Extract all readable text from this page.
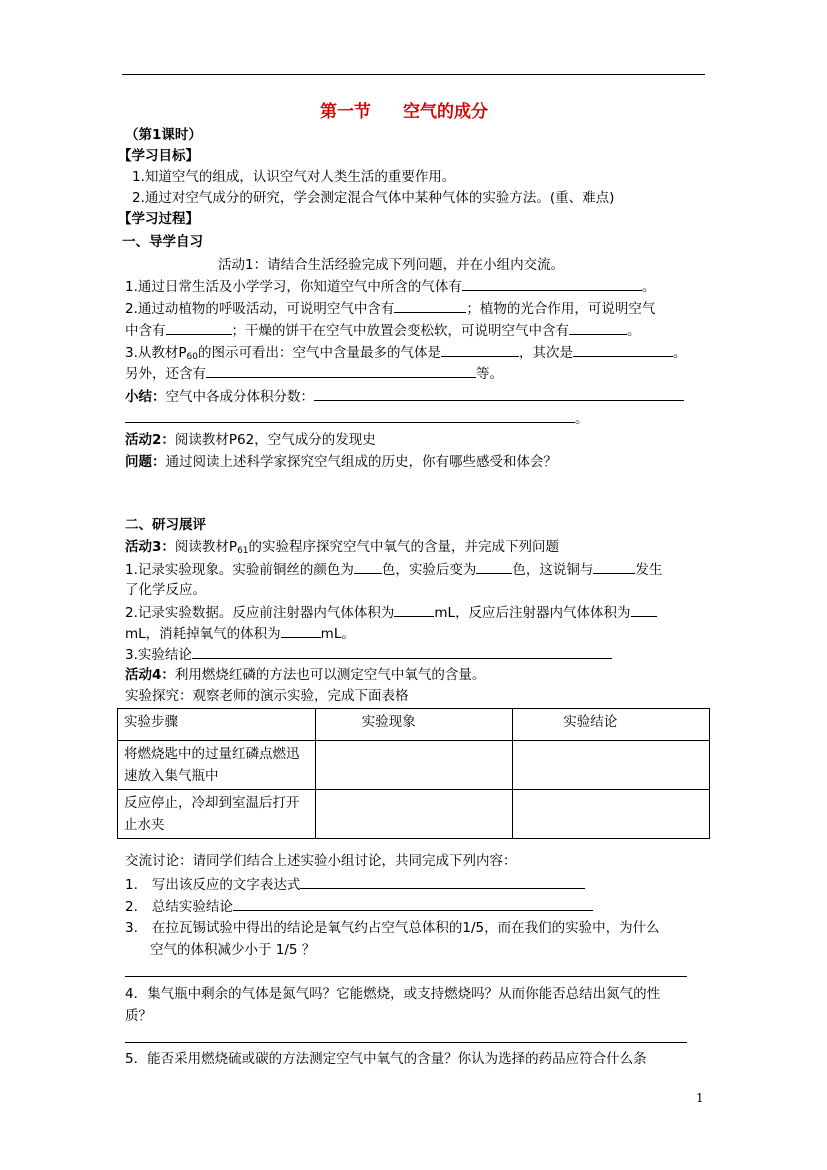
第一节 空气的成分
（第1课时）
【学习目标】
1.知道空气的组成，认识空气对人类生活的重要作用。
2.通过对空气成分的研究，学会测定混合气体中某种气体的实验方法。(重、难点)
【学习过程】
一、导学自习
活动1：请结合生活经验完成下列问题，并在小组内交流。
1.通过日常生活及小学学习，你知道空气中所含的气体有	。
2.通过动植物的呼吸活动，可说明空气中含有	；植物的光合作用，可说明空气
中含有	；干燥的饼干在空气中放置会变松软，可说明空气中含有	。
3.从教材$P_{60}$的图示可看出：空气中含量最多的气体是	，其次是	。
另外，还含有	等。
小结：空气中各成分体积分数：
。
活动2：阅读教材P62，空气成分的发现史
问题：通过阅读上述科学家探究空气组成的历史，你有哪些感受和体会？
二、研习展评
活动3：阅读教材$P_{61}$的实验程序探究空气中氧气的含量，并完成下列问题
1.记录实验现象。实验前铜丝的颜色为 色，实验后变为	色，这说铜与	发生
了化学反应。
2.记录实验数据。反应前注射器内气体体积为	mL，反应后注射器内气体体积为
mL，消耗掉氧气的体积为	mL。
3.实验结论
活动4：利用燃烧红磷的方法也可以测定空气中氧气的含量。
实验探究：观察老师的演示实验，完成下面表格
实验步骤	实验现象	实验结论
将燃烧匙中的过量红磷点燃迅速放入集气瓶中		
反应停止，冷却到室温后打开止水夹		
交流讨论：请同学们结合上述实验小组讨论，共同完成下列内容：
1. 写出该反应的文字表达式
2. 总结实验结论
3. 在拉瓦锡试验中得出的结论是氧气约占空气总体积的1/5，而在我们的实验中，为什么
空气的体积减少小于 1/5 ？
4．集气瓶中剩余的气体是氮气吗？它能燃烧，或支持燃烧吗？从而你能否总结出氮气的性
质？
5．能否采用燃烧硫或碳的方法测定空气中氧气的含量？你认为选择的药品应符合什么条
1
